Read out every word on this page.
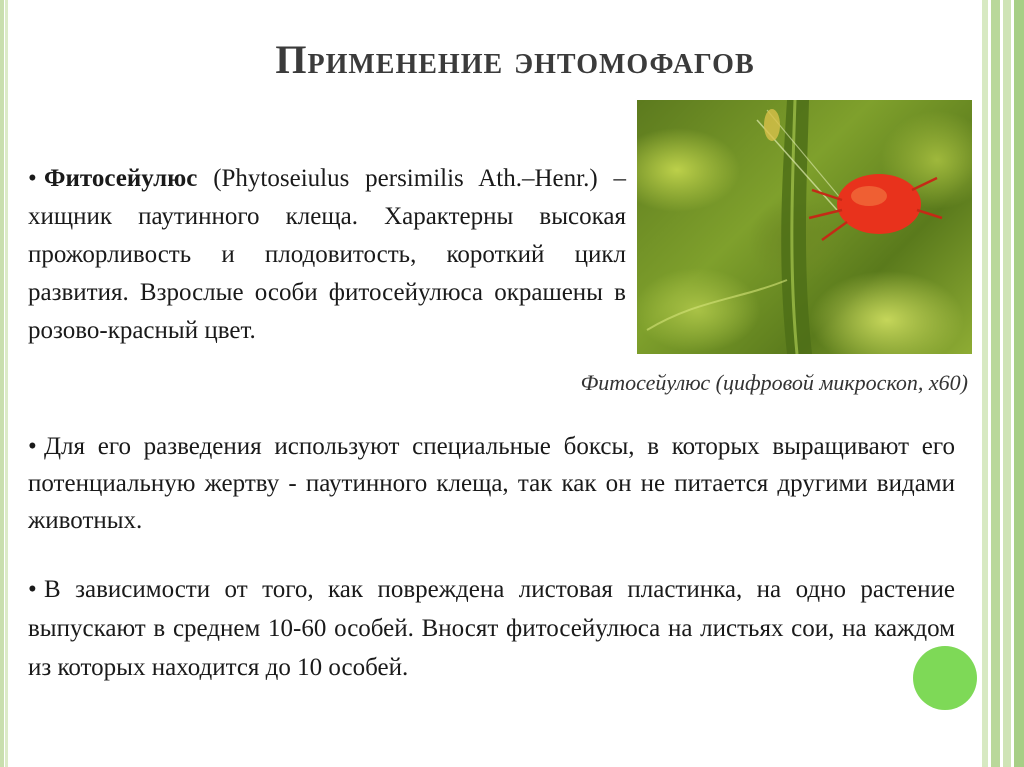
Применение энтомофагов

• Фитосейулюс (Phytoseiulus persimilis Ath.–Henr.) – хищник паутинного клеща. Характерны высокая прожорливость и плодовитость, короткий цикл развития. Взрослые особи фитосейулюса окрашены в розово-красный цвет.

Фитосейулюс (цифровой микроскоп, х60)

• Для его разведения используют специальные боксы, в которых выращивают его потенциальную жертву - паутинного клеща, так как он не питается другими видами животных.

• В зависимости от того, как повреждена листовая пластинка, на одно растение выпускают в среднем 10-60 особей. Вносят фитосейулюса на листьях сои, на каждом из которых находится до 10 особей.
